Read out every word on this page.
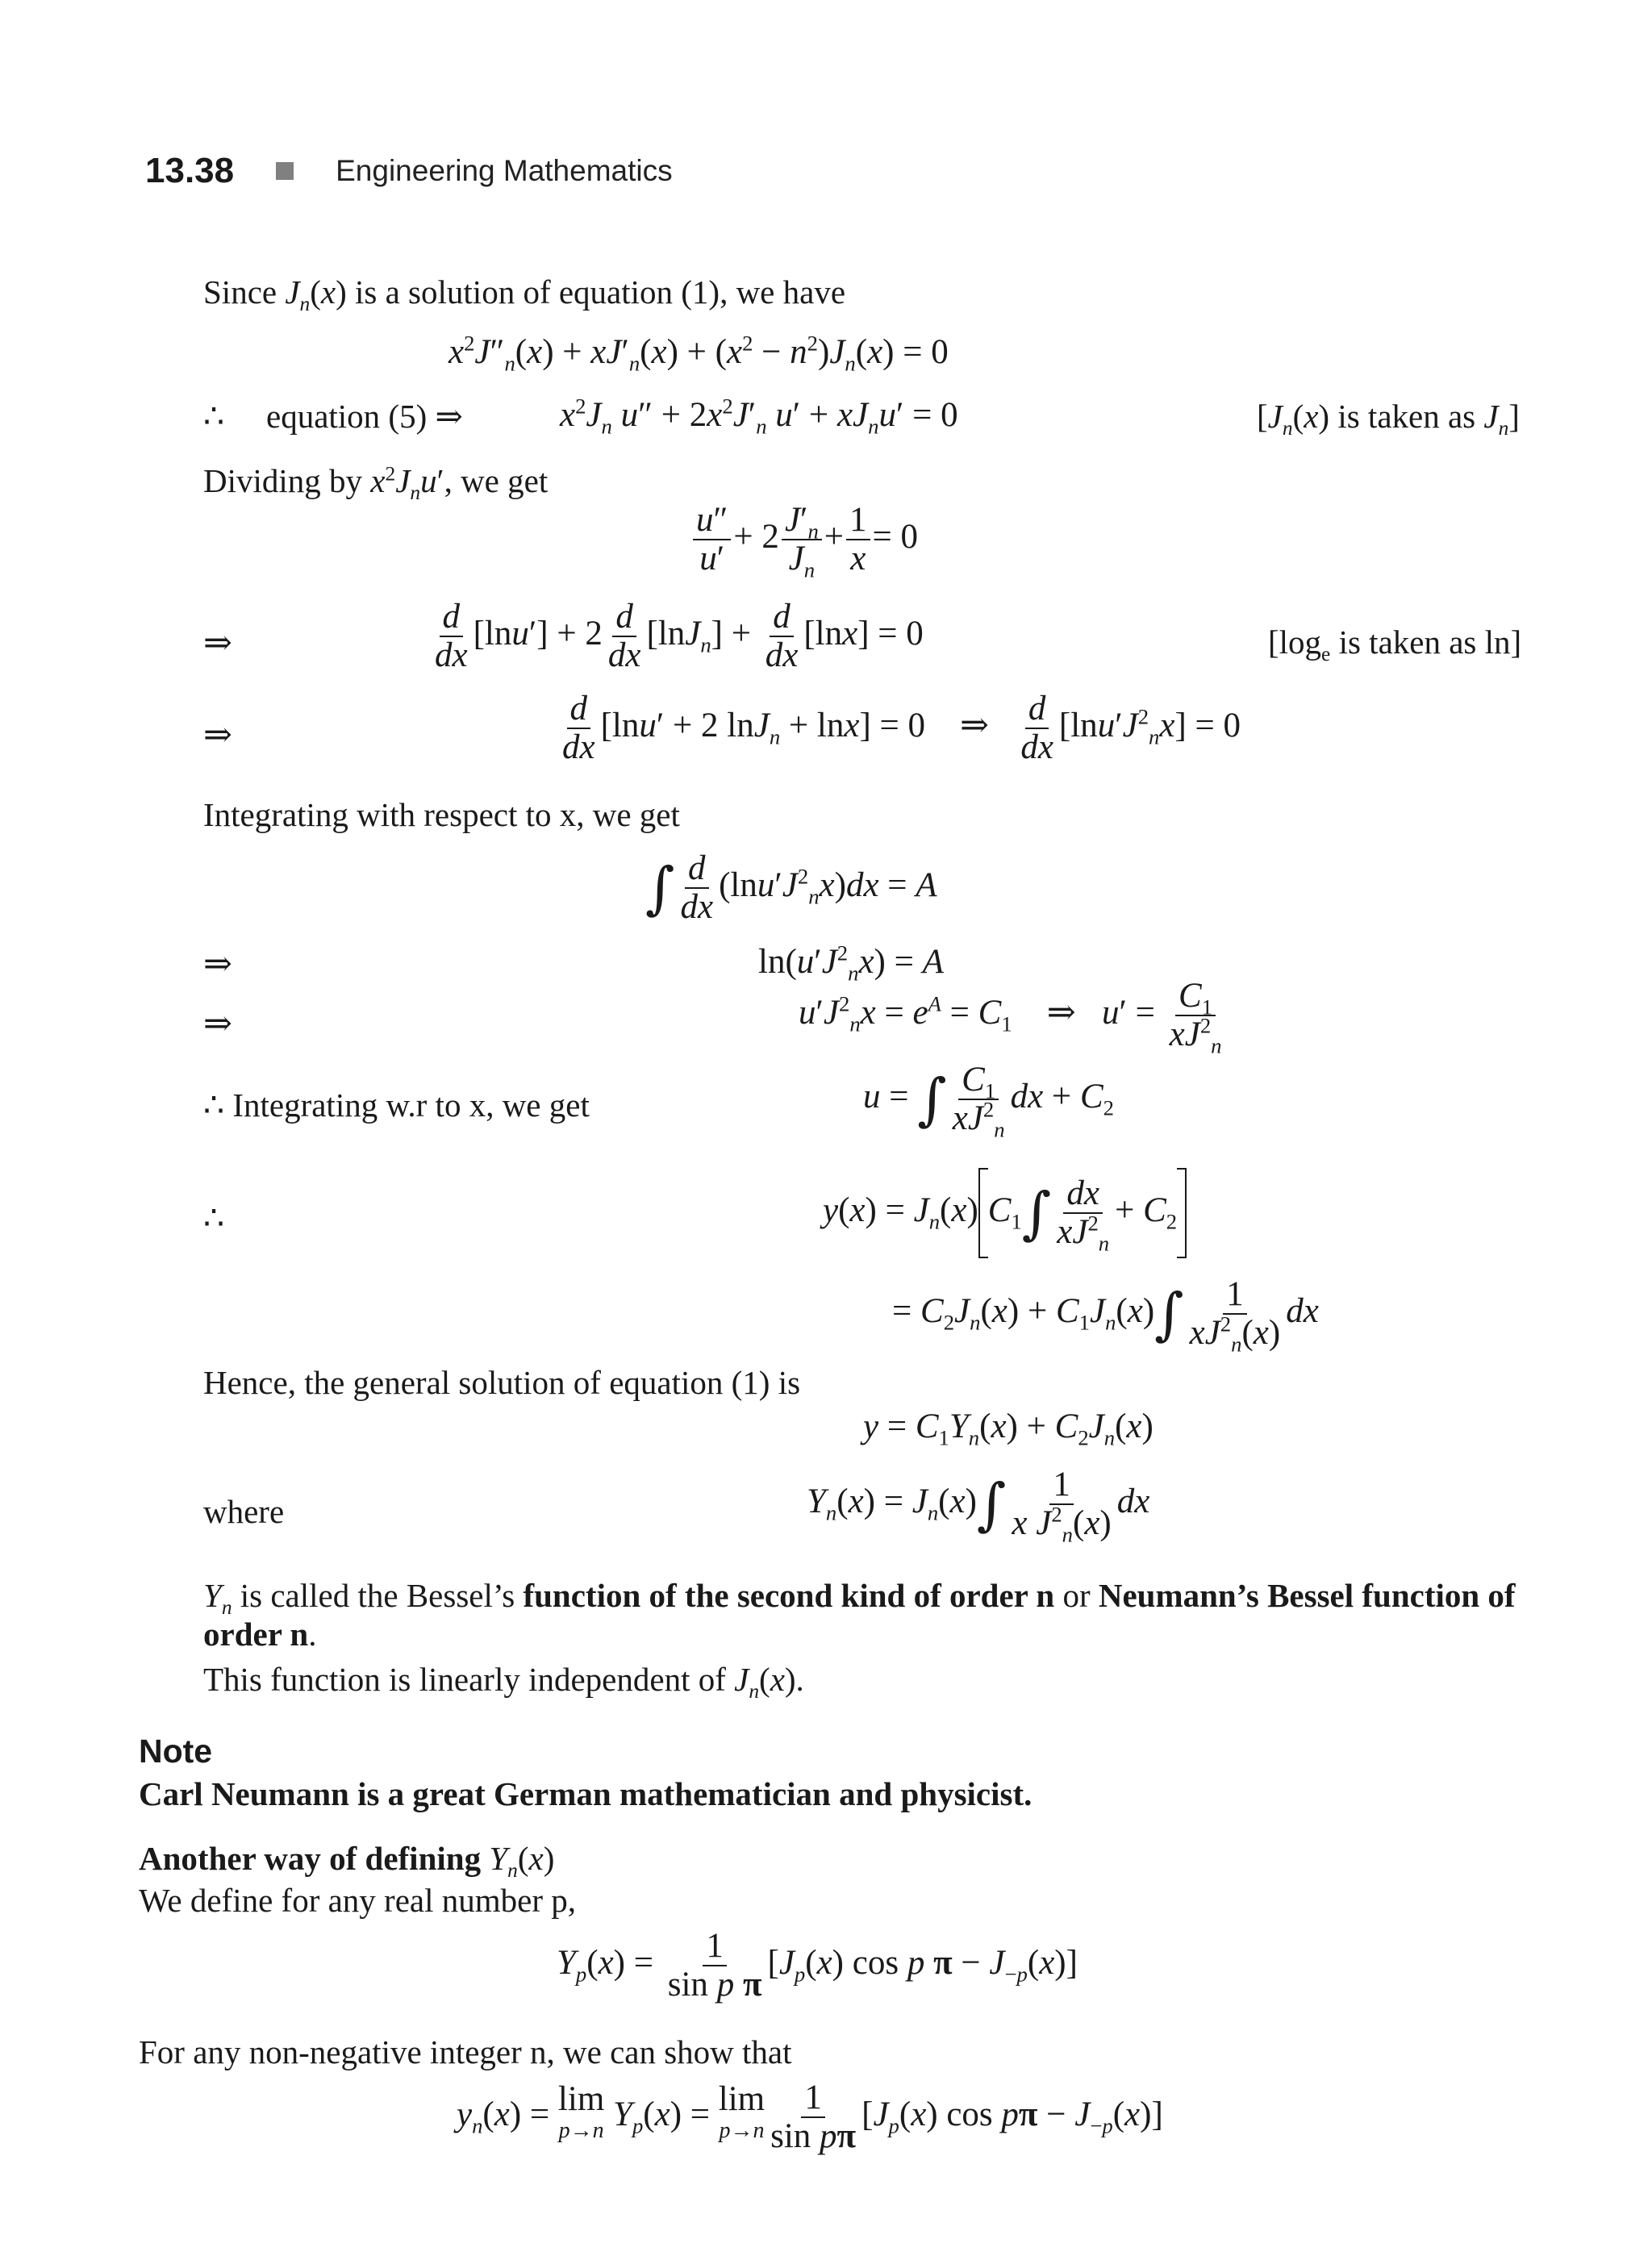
13.38	Engineering Mathematics
Since $J_n(x)$ is a solution of equation (1), we have
$x^2J''_n(x) + xJ'_n(x) + (x^2 - n^2)J_n(x) = 0$
∴ equation (5) ⇒	$x^2J_n$ $u'' + 2x^2J'_n$ $u' + xJ_nu' = 0$	[$J_n(x)$ is taken as $J_n$]
Dividing by $x^2J_nu'$, we get
$\frac{u''}{u'} + 2 \frac{J'_n}{J_n} + \frac{1}{x} = 0$
⇒	$\frac{d}{dx} [\ln u'] + 2 \frac{d}{dx} [\ln J_n] + \frac{d}{dx} [\ln x] = 0$	[$\log_e$ is taken as ln]
⇒	$\frac{d}{dx} [\ln u' + 2$ lnJ$_n$ + lnx] = 0    ⇒ $\frac{d}{dx} [\ln u'J^2_nx] = 0$
Integrating with respect to x, we get
∫ $\frac{d}{dx} (\ln u'J^2_nx)dx = A$
⇒	$\ln(u'J^2_nx) = A$
⇒	$u'J^2_nx = e^A = C_1$ ⇒ $u' = \frac{C_1}{xJ^2_n}$
∴ Integrating w.r to x, we get	u = ∫ $\frac{C_1}{xJ^2_n}$ dx + $C_2$
∴	$y(x) = J_n(x)$ $C_1\int \frac{dx}{xJ^2_n} + C_2$
= $C_2J_n(x) + C_1J_n(x)\int \frac{1}{xJ^2_n(x)}$ dx
Hence, the general solution of equation (1) is
$y = C_1Y_n(x) + C_2J_n(x)$
where	$Y_n(x) = J_n(x)\int \frac{1}{x J^2_n(x)}$ dx
$Y_n$ is called the Bessel’s function of the second kind of order n or Neumann’s Bessel function of order n.
This function is linearly independent of $J_n(x)$.
Note
Carl Neumann is a great German mathematician and physicist.
Another way of defining $Y_n(x)$
We define for any real number p,
$Y_p(x) = \frac{1}{\text{sin p π}} [J_p(x)$ cos p $\pi - J_{-p}(x)$]
For any non-negative integer n, we can show that
$y_n(x) = \lim$
p→n $Y_p(x) = \lim$
$p\to n \frac{1}{\text{sin pπ}} [J_p(x)$ $\cos p\pi - J_{-p}(x)$]
